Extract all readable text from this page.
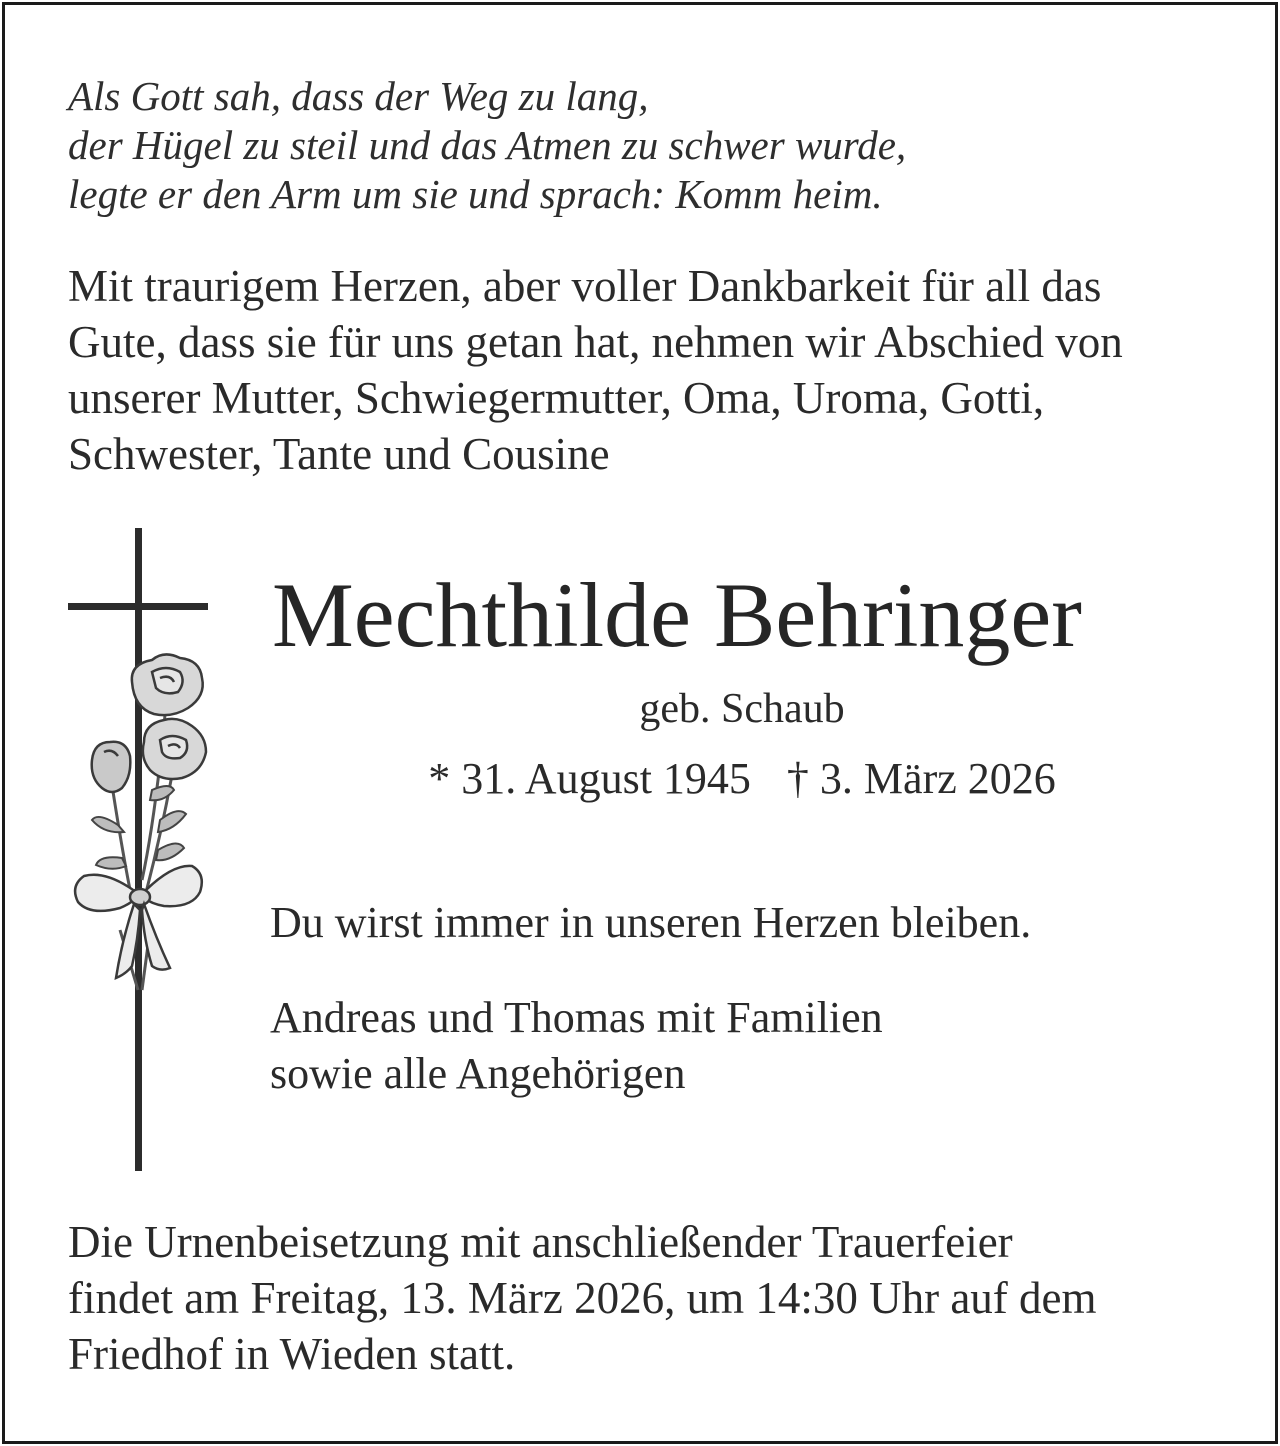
Als Gott sah, dass der Weg zu lang,
der Hügel zu steil und das Atmen zu schwer wurde,
legte er den Arm um sie und sprach: Komm heim.
Mit traurigem Herzen, aber voller Dankbarkeit für all das
Gute, dass sie für uns getan hat, nehmen wir Abschied von
unserer Mutter, Schwiegermutter, Oma, Uroma, Gotti,
Schwester, Tante und Cousine
Mechthilde Behringer
geb. Schaub
* 31. August 1945 † 3. März 2026
Du wirst immer in unseren Herzen bleiben.
Andreas und Thomas mit Familien
sowie alle Angehörigen
Die Urnenbeisetzung mit anschließender Trauerfeier
findet am Freitag, 13. März 2026, um 14:30 Uhr auf dem
Friedhof in Wieden statt.
